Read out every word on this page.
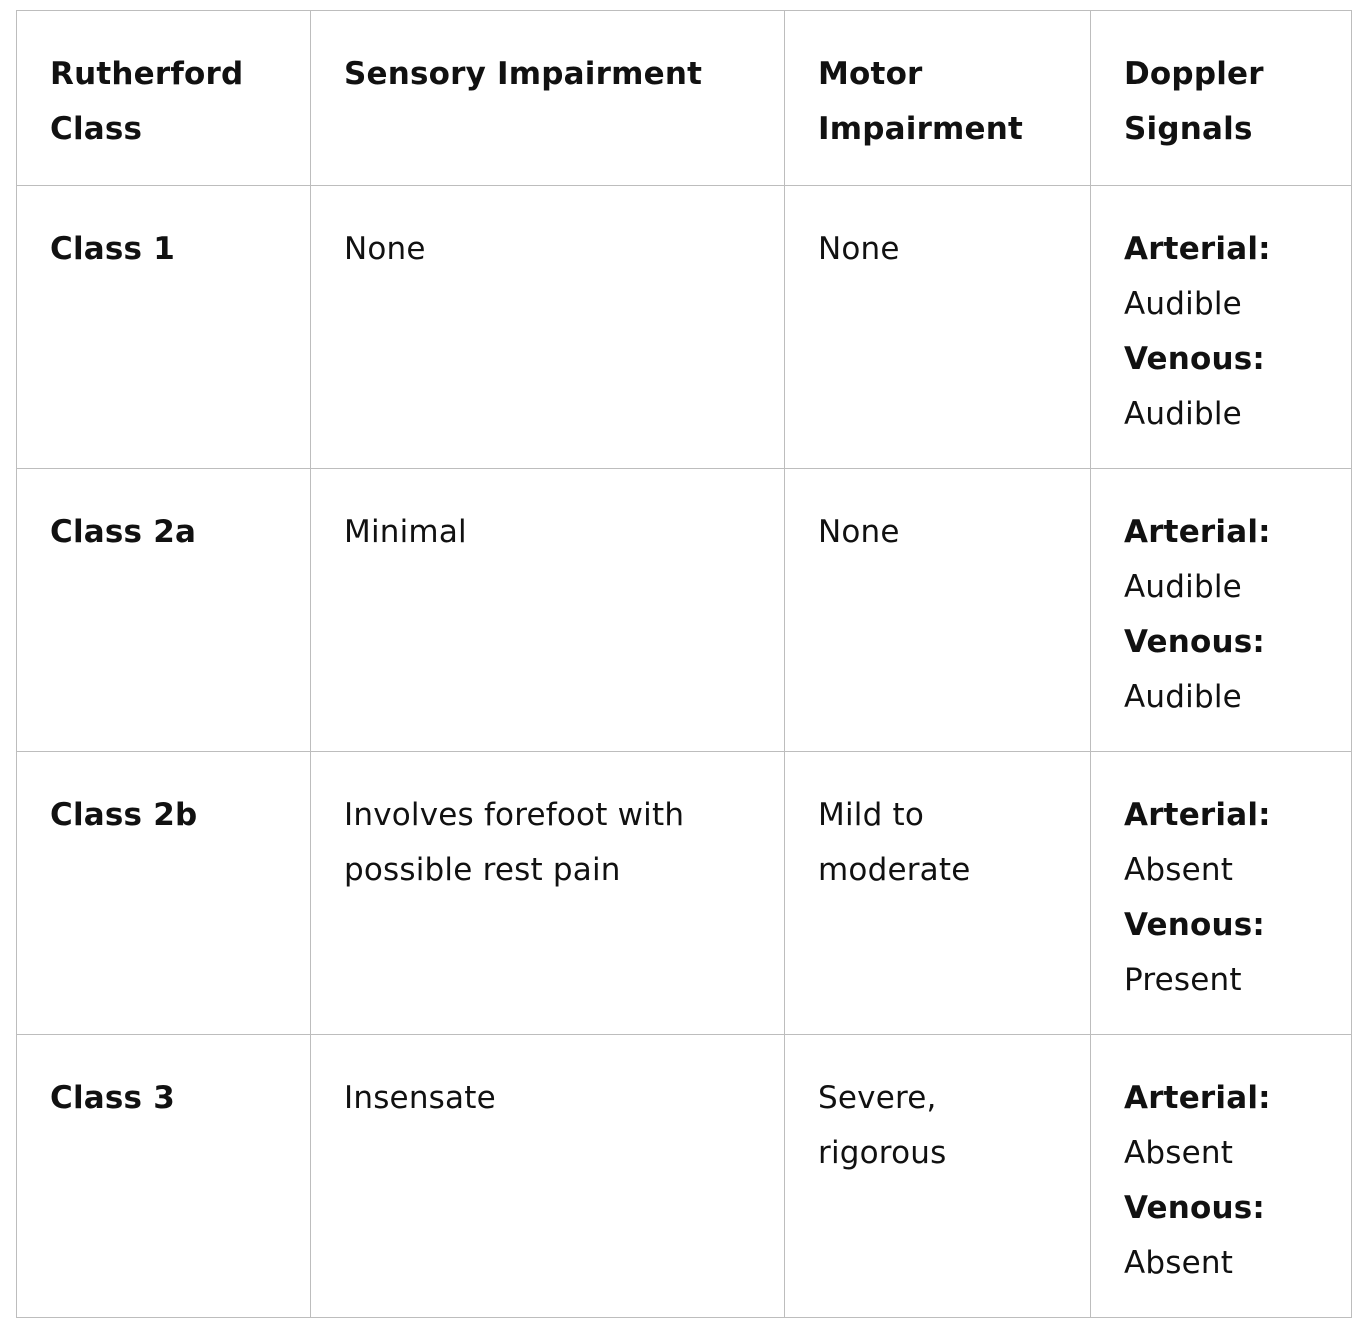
Rutherford Class	Sensory Impairment	Motor Impairment	Doppler Signals
Class 1	None	None	Arterial:
Audible
Venous:
Audible

Class 2a	Minimal	None	Arterial:
Audible
Venous:
Audible

Class 2b	Involves forefoot with possible rest pain	Mild to moderate	Arterial:
Absent
Venous:
Present

Class 3	Insensate	Severe, rigorous	Arterial:
Absent
Venous:
Absent
